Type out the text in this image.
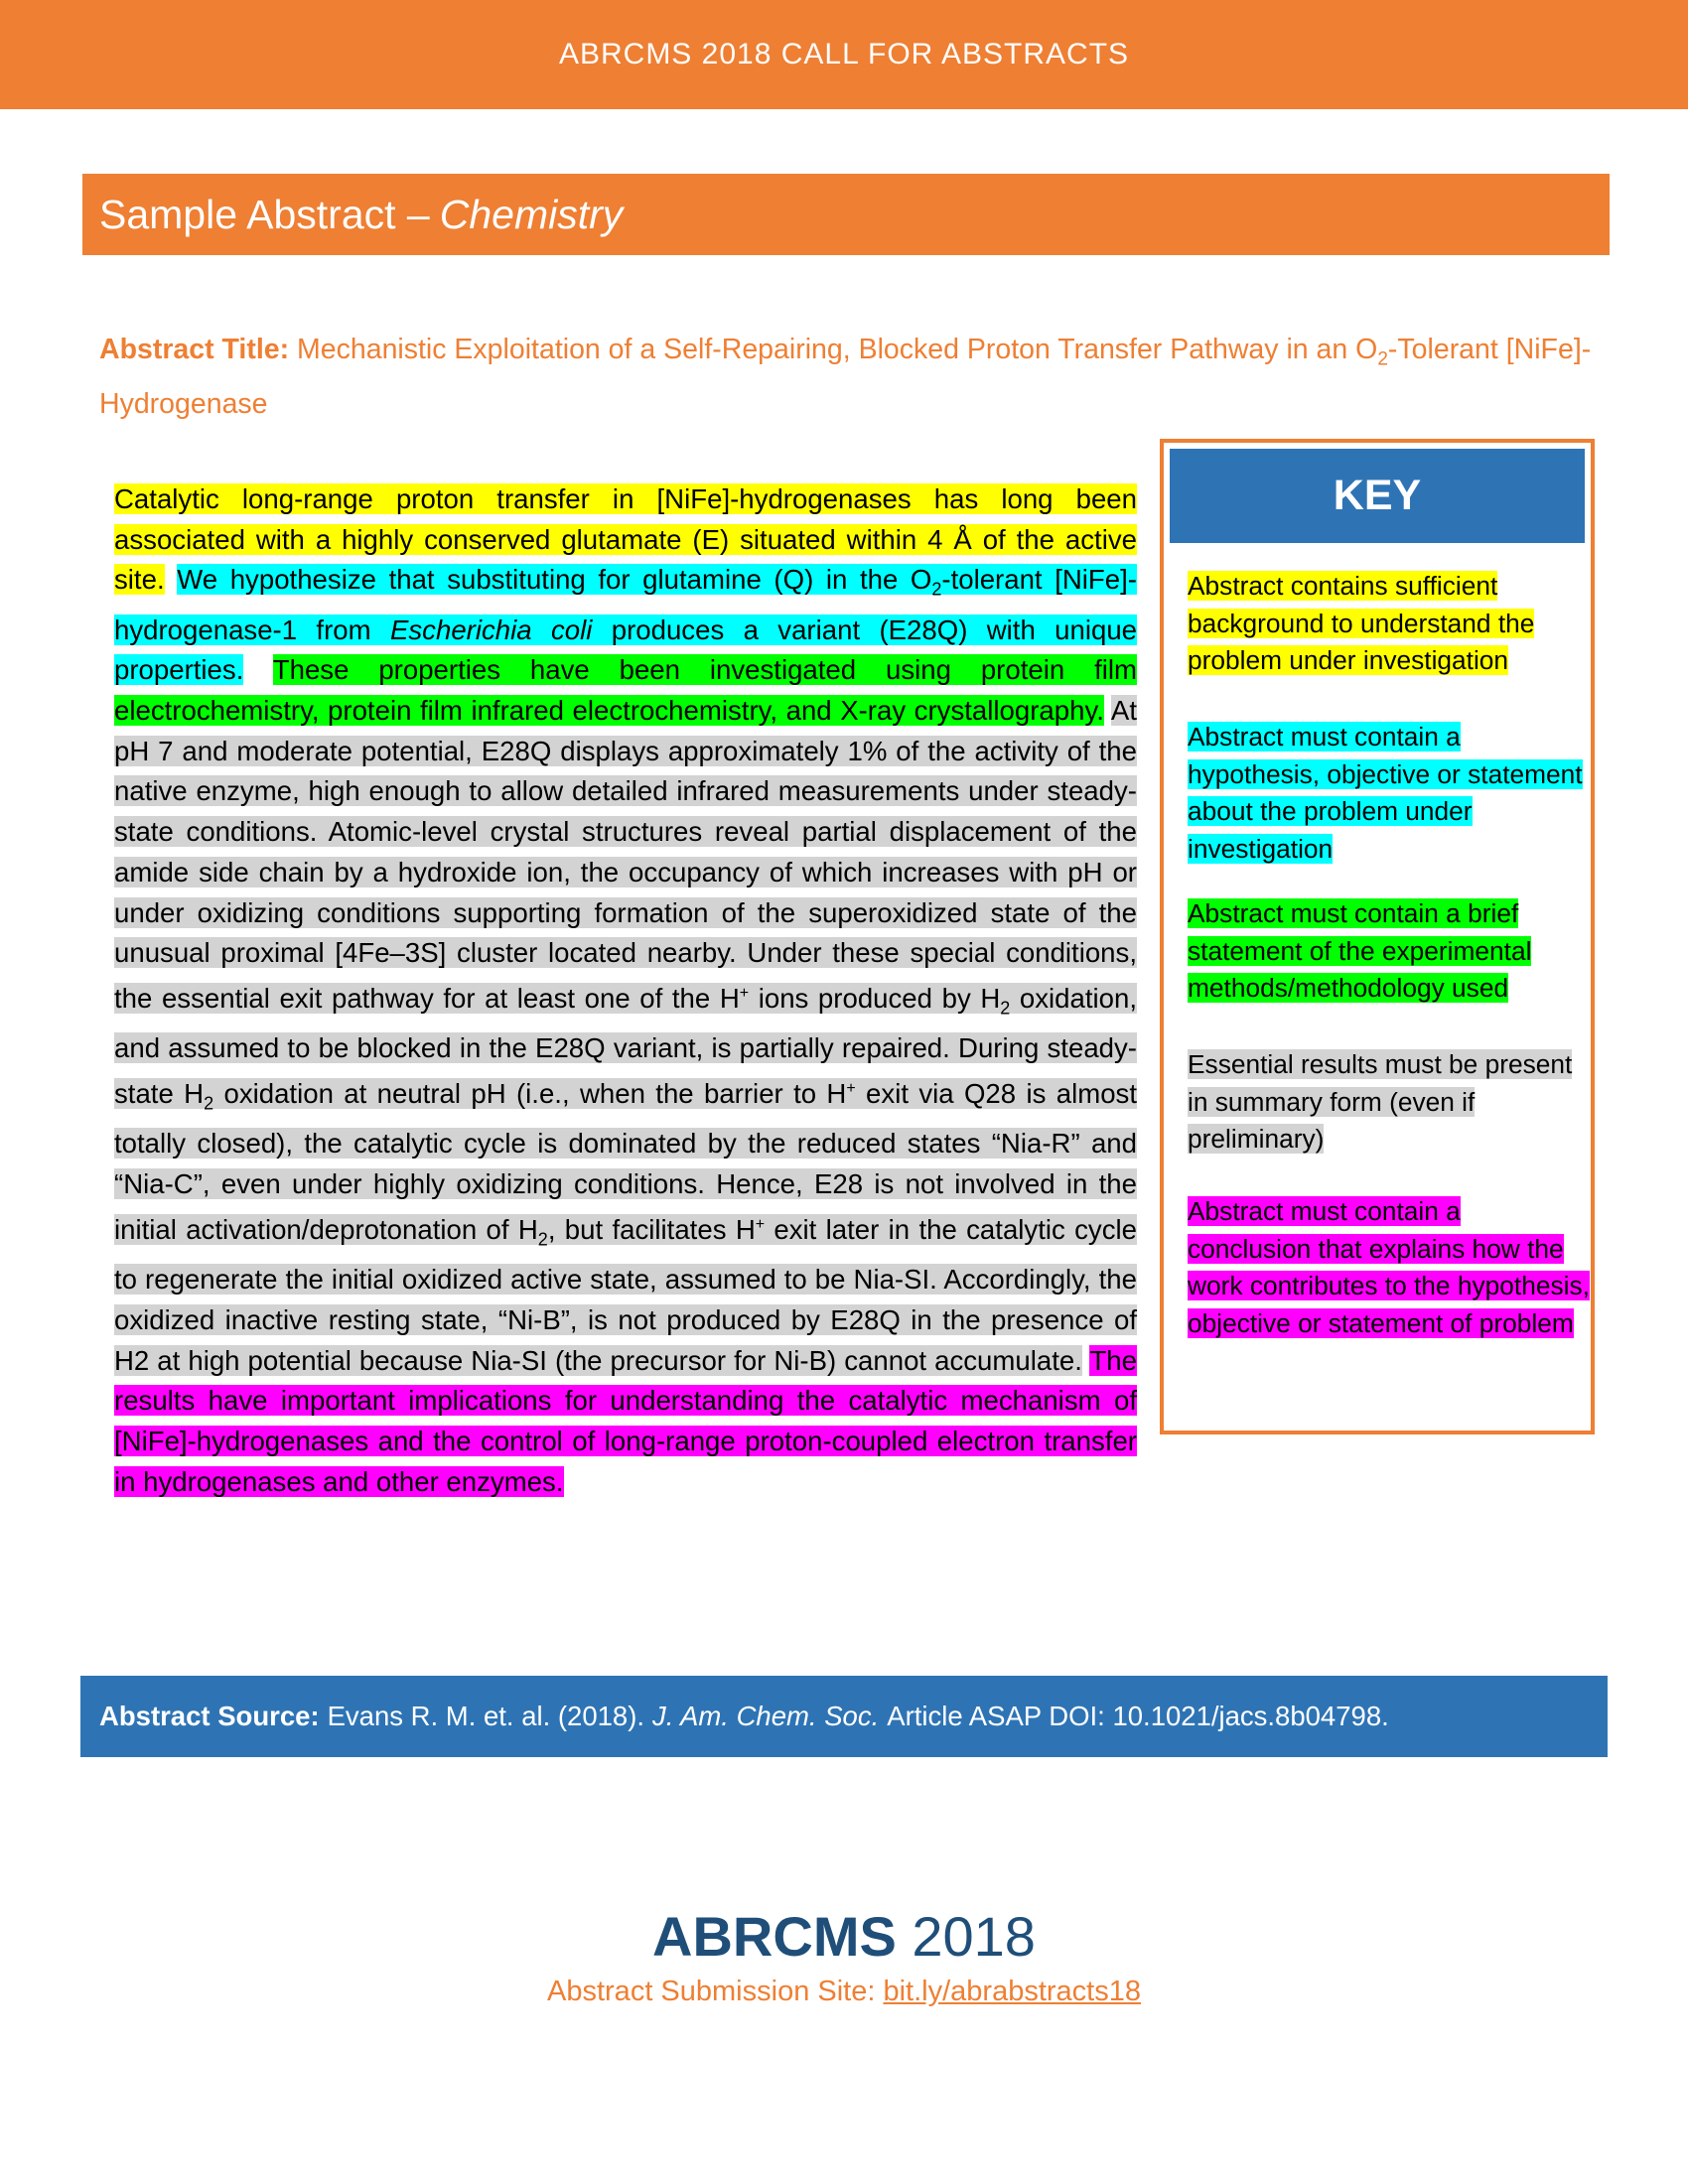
ABRCMS 2018 CALL FOR ABSTRACTS
Sample Abstract – Chemistry
Abstract Title: Mechanistic Exploitation of a Self-Repairing, Blocked Proton Transfer Pathway in an $O_2$-Tolerant [NiFe]-Hydrogenase
Catalytic long-range proton transfer in [NiFe]-hydrogenases has long been associated with a highly conserved glutamate (E) situated within 4 Å of the active site. We hypothesize that substituting for glutamine (Q) in the $O_2$-tolerant [NiFe]-hydrogenase-1 from Escherichia coli produces a variant (E28Q) with unique properties. These properties have been investigated using protein film electrochemistry, protein film infrared electrochemistry, and X-ray crystallography. At pH 7 and moderate potential, E28Q displays approximately 1% of the activity of the native enzyme, high enough to allow detailed infrared measurements under steady-state conditions. Atomic-level crystal structures reveal partial displacement of the amide side chain by a hydroxide ion, the occupancy of which increases with pH or under oxidizing conditions supporting formation of the superoxidized state of the unusual proximal [4Fe–3S] cluster located nearby. Under these special conditions, the essential exit pathway for at least one of the H+ ions produced by $H_2$ oxidation, and assumed to be blocked in the E28Q variant, is partially repaired. During steady-state $H_2$ oxidation at neutral pH (i.e., when the barrier to H+ exit via Q28 is almost totally closed), the catalytic cycle is dominated by the reduced states “Nia-R” and “Nia-C”, even under highly oxidizing conditions. Hence, E28 is not involved in the initial activation/deprotonation of $H_2$, but facilitates H+ exit later in the catalytic cycle to regenerate the initial oxidized active state, assumed to be Nia-SI. Accordingly, the oxidized inactive resting state, “Ni-B”, is not produced by E28Q in the presence of H2 at high potential because Nia-SI (the precursor for Ni-B) cannot accumulate. The results have important implications for understanding the catalytic mechanism of [NiFe]-hydrogenases and the control of long-range proton-coupled electron transfer in hydrogenases and other enzymes.
KEY
Abstract contains sufficient background to understand the problem under investigation
Abstract must contain a hypothesis, objective or statement about the problem under investigation
Abstract must contain a brief statement of the experimental methods/methodology used
Essential results must be present in summary form (even if preliminary)
Abstract must contain a conclusion that explains how the work contributes to the hypothesis, objective or statement of problem
Abstract Source: Evans R. M. et. al. (2018). J. Am. Chem. Soc. Article ASAP DOI: 10.1021/jacs.8b04798.
ABRCMS 2018
Abstract Submission Site: bit.ly/abrabstracts18
